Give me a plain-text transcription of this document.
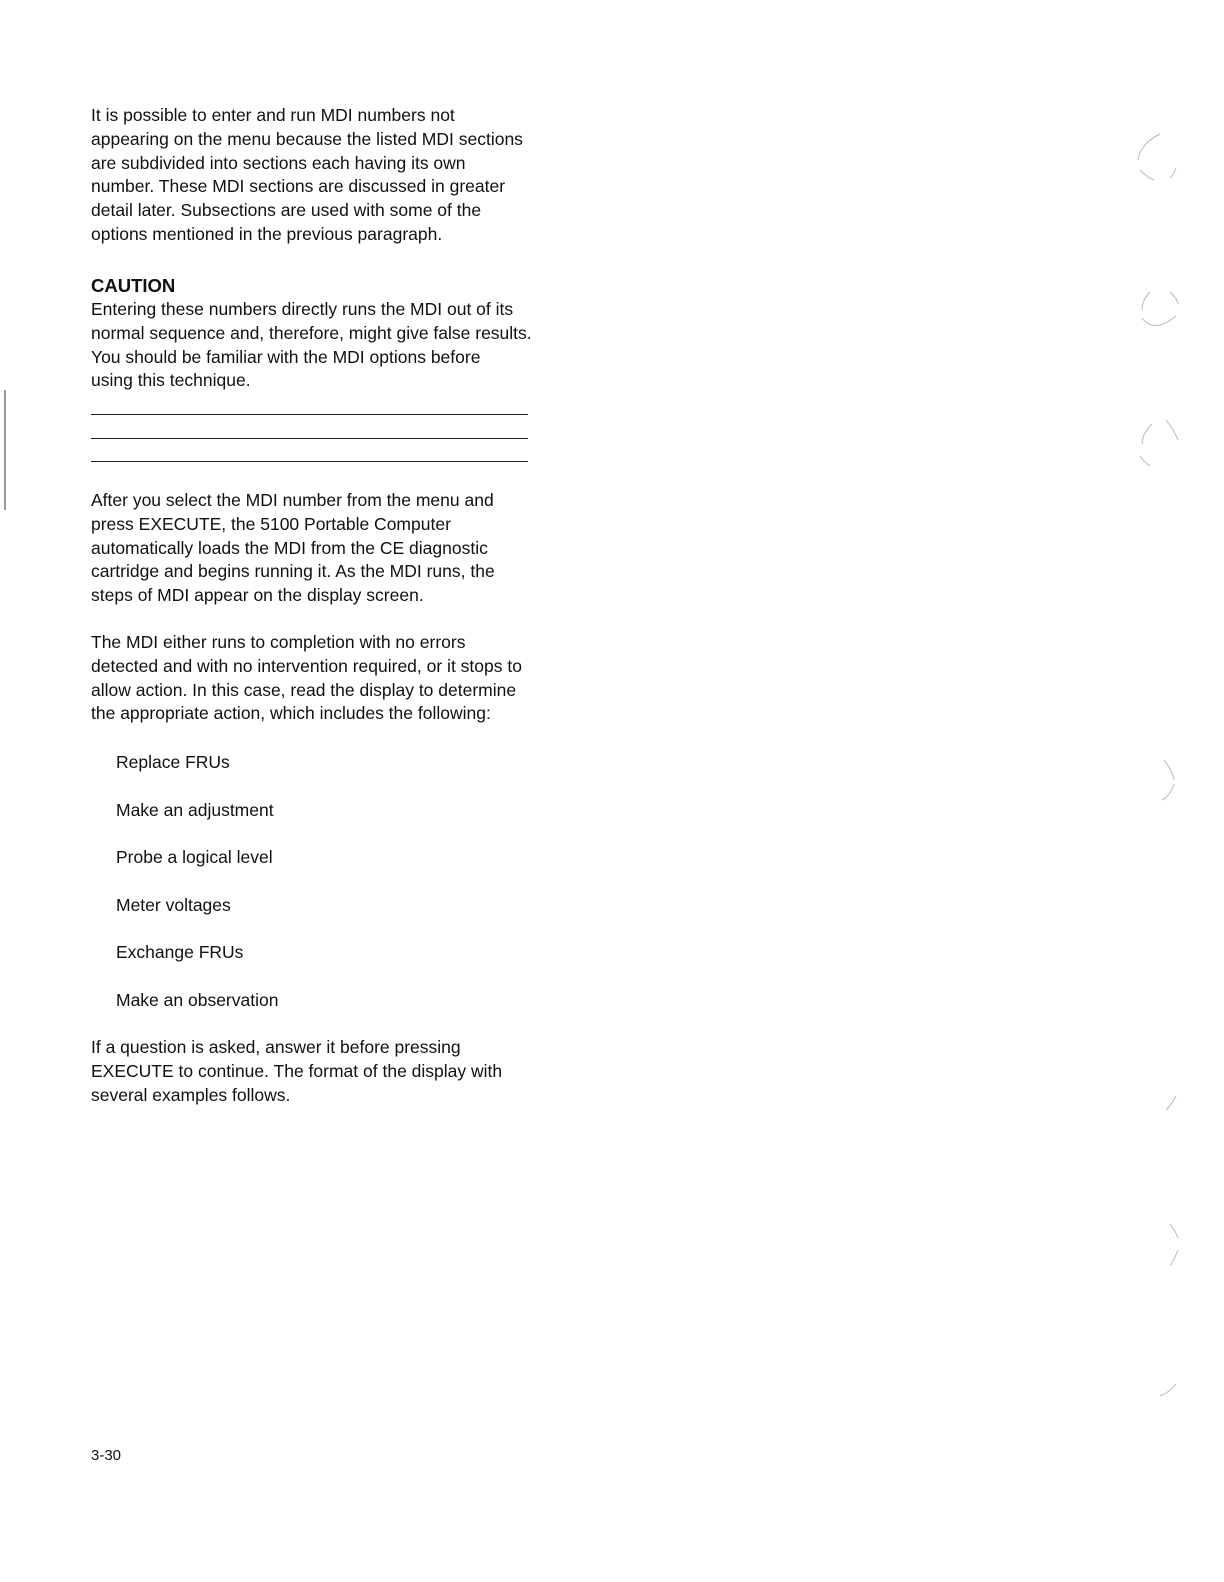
It is possible to enter and run MDI numbers not
appearing on the menu because the listed MDI sections
are subdivided into sections each having its own
number. These MDI sections are discussed in greater
detail later. Subsections are used with some of the
options mentioned in the previous paragraph.

CAUTION

Entering these numbers directly runs the MDI out of its
normal sequence and, therefore, might give false results.
You should be familiar with the MDI options before
using this technique.

After you select the MDI number from the menu and
press EXECUTE, the 5100 Portable Computer
automatically loads the MDI from the CE diagnostic
cartridge and begins running it. As the MDI runs, the
steps of MDI appear on the display screen.

The MDI either runs to completion with no errors
detected and with no intervention required, or it stops to
allow action. In this case, read the display to determine
the appropriate action, which includes the following:

Replace FRUs
Make an adjustment
Probe a logical level
Meter voltages
Exchange FRUs
Make an observation

If a question is asked, answer it before pressing
EXECUTE to continue. The format of the display with
several examples follows.

3-30
